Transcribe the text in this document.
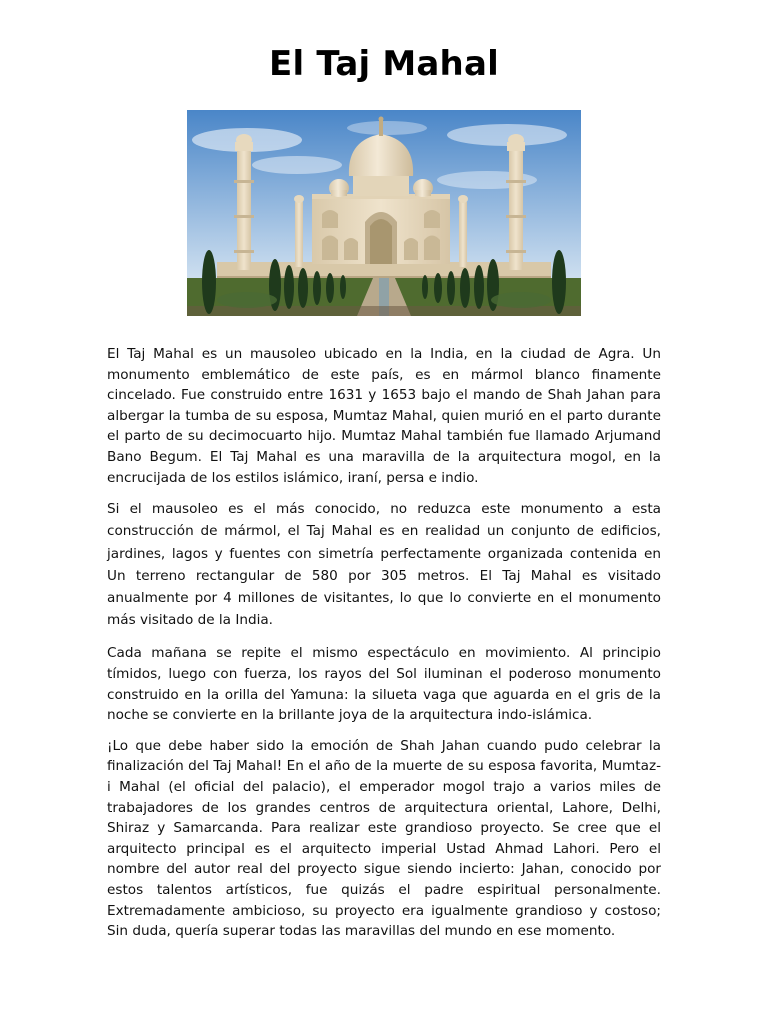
El Taj Mahal

El Taj Mahal es un mausoleo ubicado en la India, en la ciudad de Agra. Un monumento emblemático de este país, es en mármol blanco finamente cincelado. Fue construido entre 1631 y 1653 bajo el mando de Shah Jahan para albergar la tumba de su esposa, Mumtaz Mahal, quien murió en el parto durante el parto de su decimocuarto hijo. Mumtaz Mahal también fue llamado Arjumand Bano Begum. El Taj Mahal es una maravilla de la arquitectura mogol, en la encrucijada de los estilos islámico, iraní, persa e indio.

Si el mausoleo es el más conocido, no reduzca este monumento a esta construcción de mármol, el Taj Mahal es en realidad un conjunto de edificios, jardines, lagos y fuentes con simetría perfectamente organizada contenida en Un terreno rectangular de 580 por 305 metros. El Taj Mahal es visitado anualmente por 4 millones de visitantes, lo que lo convierte en el monumento más visitado de la India.

Cada mañana se repite el mismo espectáculo en movimiento. Al principio tímidos, luego con fuerza, los rayos del Sol iluminan el poderoso monumento construido en la orilla del Yamuna: la silueta vaga que aguarda en el gris de la noche se convierte en la brillante joya de la arquitectura indo-islámica.

¡Lo que debe haber sido la emoción de Shah Jahan cuando pudo celebrar la finalización del Taj Mahal! En el año de la muerte de su esposa favorita, Mumtaz-i Mahal (el oficial del palacio), el emperador mogol trajo a varios miles de trabajadores de los grandes centros de arquitectura oriental, Lahore, Delhi, Shiraz y Samarcanda. Para realizar este grandioso proyecto. Se cree que el arquitecto principal es el arquitecto imperial Ustad Ahmad Lahori. Pero el nombre del autor real del proyecto sigue siendo incierto: Jahan, conocido por estos talentos artísticos, fue quizás el padre espiritual personalmente. Extremadamente ambicioso, su proyecto era igualmente grandioso y costoso; Sin duda, quería superar todas las maravillas del mundo en ese momento.
